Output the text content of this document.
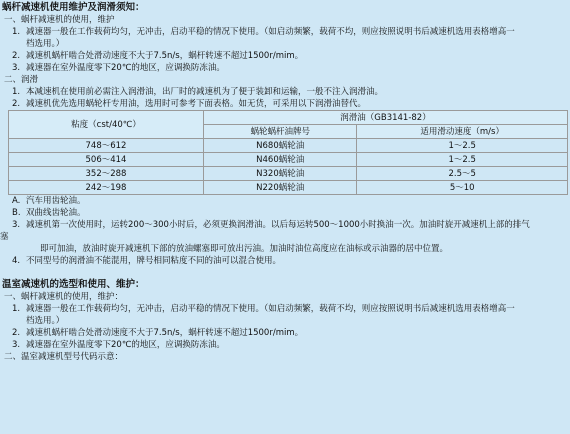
蜗杆减速机使用维护及润滑须知：
一、蜗杆减速机的使用，维护
1. 减速器一般在工作载荷均匀，无冲击，启动平稳的情况下使用。（如启动频繁，载荷不均，则应按照说明书后减速机选用表格增高一
档选用。）
2. 减速机蜗杆啮合处滑动速度不大于7.5n/s，蜗杆转速不超过1500r/mim。
3. 减速器在室外温度零下20℃的地区，应调换防冻油。
二、润滑
1. 本减速机在使用前必需注入润滑油，出厂时的减速机为了便于装卸和运输，一般不注入润滑油。
2. 减速机优先选用蜗轮杆专用油，选用时可参考下面表格。如无货，可采用以下润滑油替代。
粘度（cst/40℃）	润滑油（GB3141-82）	
	蜗轮蜗杆油牌号	适用滑动速度（m/s）
748～612	N680蜗轮油	1～2.5
506～414	N460蜗轮油	1～2.5
352～288	N320蜗轮油	2.5～5
242～198	N220蜗轮油	5～10
A. 汽车用齿轮油。
B. 双曲线齿轮油。
3. 减速机第一次使用时，运转200～300小时后，必须更换润滑油。以后每运转500～1000小时换油一次。加油时旋开减速机上部的排气
塞
即可加油，放油时旋开减速机下部的放油螺塞即可放出污油。加油时油位高度应在油标或示油器的居中位置。
4. 不同型号的润滑油不能混用，牌号相同粘度不同的油可以混合使用。
温室减速机的选型和使用、维护：
一、蜗杆减速机的使用，维护：
1. 减速器一般在工作载荷均匀，无冲击，启动平稳的情况下使用。（如启动频繁，载荷不均，则应按照说明书后减速机选用表格增高一
档选用。）
2. 减速机蜗杆啮合处滑动速度不大于7.5n/s，蜗杆转速不超过1500r/mim。
3. 减速器在室外温度零下20℃的地区，应调换防冻油。
二、温室减速机型号代码示意：
